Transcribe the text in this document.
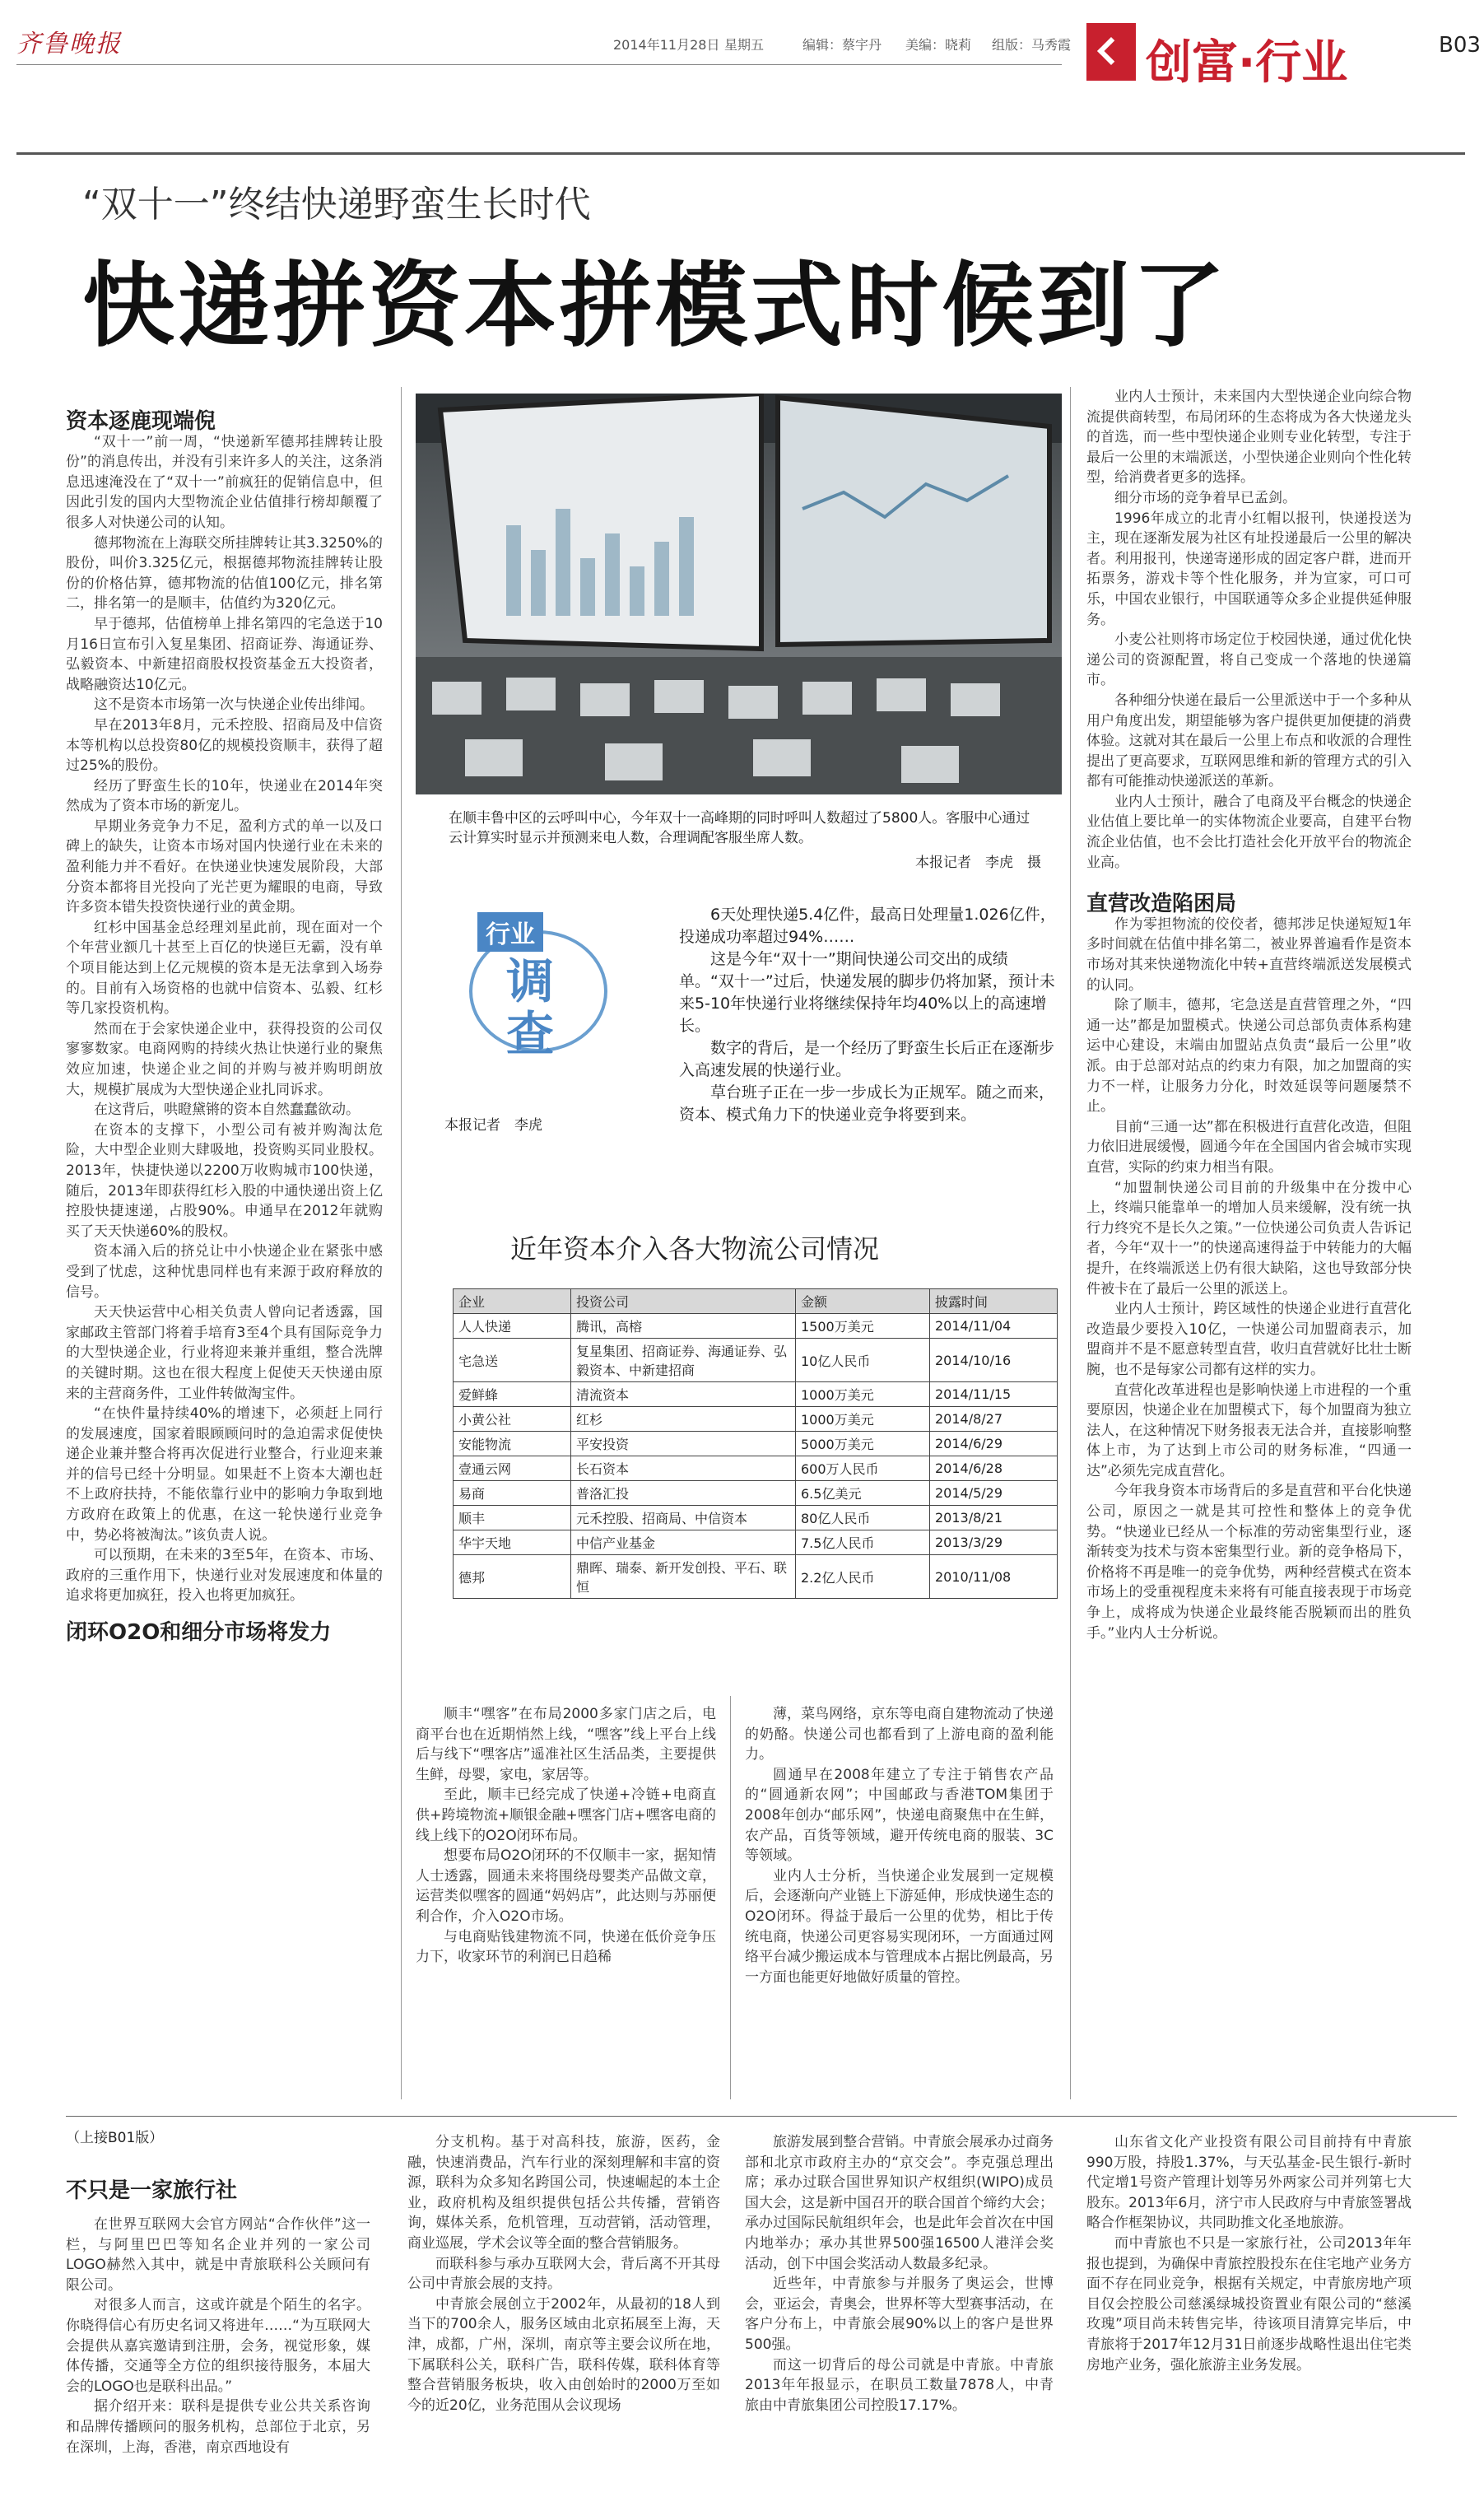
齐鲁晚报	2014年11月28日 星期五	编辑：蔡宇丹 美编：晓莉 组版：马秀霞 创富·行业	B03
“双十一”终结快递野蛮生长时代
快递拼资本拼模式时候到了

资本逐鹿现端倪

“双十一”前一周，“快递新军德邦挂牌转让股份”的消息传出，并没有引来许多人的关注，这条消息迅速淹没在了“双十一”前疯狂的促销信息中，但因此引发的国内大型物流企业估值排行榜却颠覆了很多人对快递公司的认知。

德邦物流在上海联交所挂牌转让其3.3250%的股份，叫价3.325亿元，根据德邦物流挂牌转让股份的价格估算，德邦物流的估值100亿元，排名第二，排名第一的是顺丰，估值约为320亿元。

早于德邦，估值榜单上排名第四的宅急送于10月16日宣布引入复星集团、招商证券、海通证券、弘毅资本、中新建招商股权投资基金五大投资者，战略融资达10亿元。

这不是资本市场第一次与快递企业传出绯闻。

早在2013年8月，元禾控股、招商局及中信资本等机构以总投资80亿的规模投资顺丰，获得了超过25%的股份。

经历了野蛮生长的10年，快递业在2014年突然成为了资本市场的新宠儿。

早期业务竞争力不足，盈利方式的单一以及口碑上的缺失，让资本市场对国内快递行业在未来的盈利能力并不看好。在快递业快速发展阶段，大部分资本都将目光投向了光芒更为耀眼的电商，导致许多资本错失投资快递行业的黄金期。

红杉中国基金总经理刘星此前，现在面对一个个年营业额几十甚至上百亿的快递巨无霸，没有单个项目能达到上亿元规模的资本是无法拿到入场券的。目前有入场资格的也就中信资本、弘毅、红杉等几家投资机构。

然而在于会家快递企业中，获得投资的公司仅寥寥数家。电商网购的持续火热让快递行业的聚焦效应加速，快递企业之间的并购与被并购明朗放大，规模扩展成为大型快递企业扎同诉求。

在这背后，哄瞪黛锵的资本自然蠢蠢欲动。

在资本的支撑下，小型公司有被并购淘汰危险，大中型企业则大肆吸地，投资购买同业股权。2013年，快捷快递以2200万收购城市100快递，随后，2013年即获得红杉入股的中通快递出资上亿控股快捷速递，占股90%。申通早在2012年就购买了天天快递60%的股权。

资本涌入后的挤兑让中小快递企业在紧张中感受到了忧虑，这种忧患同样也有来源于政府释放的信号。

天天快运营中心相关负责人曾向记者透露，国家邮政主管部门将着手培育3至4个具有国际竞争力的大型快递企业，行业将迎来兼并重组，整合洗牌的关键时期。这也在很大程度上促使天天快递由原来的主营商务件，工业件转做淘宝件。

“在快件量持续40%的增速下，必须赶上同行的发展速度，国家着眼顾顾问时的急迫需求促使快递企业兼并整合将再次促进行业整合，行业迎来兼并的信号已经十分明显。如果赶不上资本大潮也赶不上政府扶持，不能依靠行业中的影响力争取到地方政府在政策上的优惠，在这一轮快递行业竞争中，势必将被淘汰。”该负责人说。

可以预期，在未来的3至5年，在资本、市场、政府的三重作用下，快递行业对发展速度和体量的追求将更加疯狂，投入也将更加疯狂。

闭环O2O和细分市场将发力

在顺丰鲁中区的云呼叫中心，今年双十一高峰期的同时呼叫人数超过了5800人。客服中心通过云计算实时显示并预测来电人数，合理调配客服坐席人数。
本报记者　李虎　摄
行业
调查

6天处理快递5.4亿件，最高日处理量1.026亿件，投递成功率超过94%……

这是今年“双十一”期间快递公司交出的成绩单。“双十一”过后，快递发展的脚步仍将加紧，预计未来5-10年快递行业将继续保持年均40%以上的高速增长。

数字的背后，是一个经历了野蛮生长后正在逐渐步入高速发展的快递行业。

草台班子正在一步一步成长为正规军。随之而来，资本、模式角力下的快递业竞争将要到来。

本报记者　李虎
近年资本介入各大物流公司情况
企业	投资公司	金额	披露时间
人人快递	腾讯，高榕	1500万美元	2014/11/04
宅急送	复星集团、招商证券、海通证券、弘毅资本、中新建招商	10亿人民币	2014/10/16
爱鲜蜂	清流资本	1000万美元	2014/11/15
小黄公社	红杉	1000万美元	2014/8/27
安能物流	平安投资	5000万美元	2014/6/29
壹通云网	长石资本	600万人民币	2014/6/28
易商	普洛汇投	6.5亿美元	2014/5/29
顺丰	元禾控股、招商局、中信资本	80亿人民币	2013/8/21
华宇天地	中信产业基金	7.5亿人民币	2013/3/29
德邦	鼎晖、瑞泰、新开发创投、平石、联恒	2.2亿人民币	2010/11/08

顺丰“嘿客”在布局2000多家门店之后，电商平台也在近期悄然上线，“嘿客”线上平台上线后与线下“嘿客店”遥准社区生活品类，主要提供生鲜，母婴，家电，家居等。

至此，顺丰已经完成了快递+冷链+电商直供+跨境物流+顺银金融+嘿客门店+嘿客电商的线上线下的O2O闭环布局。

想要布局O2O闭环的不仅顺丰一家，据知情人士透露，圆通未来将围绕母婴类产品做文章，运营类似嘿客的圆通“妈妈店”，此达则与苏丽便利合作，介入O2O市场。

与电商贴钱建物流不同，快递在低价竞争压力下，收家环节的利润已日趋稀

薄，菜鸟网络，京东等电商自建物流动了快递的奶酪。快递公司也都看到了上游电商的盈利能力。

圆通早在2008年建立了专注于销售农产品的“圆通新农网”；中国邮政与香港TOM集团于2008年创办“邮乐网”，快递电商聚焦中在生鲜，农产品，百货等领域，避开传统电商的服装、3C等领域。

业内人士分析，当快递企业发展到一定规模后，会逐渐向产业链上下游延伸，形成快递生态的O2O闭环。得益于最后一公里的优势，相比于传统电商，快递公司更容易实现闭环，一方面通过网络平台减少搬运成本与管理成本占据比例最高，另一方面也能更好地做好质量的管控。

业内人士预计，未来国内大型快递企业向综合物流提供商转型，布局闭环的生态将成为各大快递龙头的首选，而一些中型快递企业则专业化转型，专注于最后一公里的末端派送，小型快递企业则向个性化转型，给消费者更多的选择。

细分市场的竞争着早已孟剑。

1996年成立的北青小红帽以报刊，快递投送为主，现在逐渐发展为社区有址投递最后一公里的解决者。利用报刊，快递寄递形成的固定客户群，进而开拓票务，游戏卡等个性化服务，并为宣家，可口可乐，中国农业银行，中国联通等众多企业提供延伸服务。

小麦公社则将市场定位于校园快递，通过优化快递公司的资源配置，将自己变成一个落地的快递篇市。

各种细分快递在最后一公里派送中于一个多种从用户角度出发，期望能够为客户提供更加便捷的消费体验。这就对其在最后一公里上布点和收派的合理性提出了更高要求，互联网思维和新的管理方式的引入都有可能推动快递派送的革新。

业内人士预计，融合了电商及平台概念的快递企业估值上要比单一的实体物流企业要高，自建平台物流企业估值，也不会比打造社会化开放平台的物流企业高。

直营改造陷困局

作为零担物流的佼佼者，德邦涉足快递短短1年多时间就在估值中排名第二，被业界普遍看作是资本市场对其来快递物流化中转+直营终端派送发展模式的认同。

除了顺丰，德邦，宅急送是直营管理之外，“四通一达”都是加盟模式。快递公司总部负责体系构建运中心建设，末端由加盟站点负责“最后一公里”收派。由于总部对站点的约束力有限，加之加盟商的实力不一样，让服务力分化，时效延误等问题屡禁不止。

目前“三通一达”都在积极进行直营化改造，但阻力依旧进展缓慢，圆通今年在全国国内省会城市实现直营，实际的约束力相当有限。

“加盟制快递公司目前的升级集中在分拨中心上，终端只能靠单一的增加人员来缓解，没有统一执行力终究不是长久之策。”一位快递公司负责人告诉记者，今年“双十一”的快递高速得益于中转能力的大幅提升，在终端派送上仍有很大缺陷，这也导致部分快件被卡在了最后一公里的派送上。

业内人士预计，跨区域性的快递企业进行直营化改造最少要投入10亿，一快递公司加盟商表示，加盟商并不是不愿意转型直营，收归直营就好比壮士断腕，也不是每家公司都有这样的实力。

直营化改革进程也是影响快递上市进程的一个重要原因，快递企业在加盟模式下，每个加盟商为独立法人，在这种情况下财务报表无法合并，直接影响整体上市，为了达到上市公司的财务标准，“四通一达”必须先完成直营化。

今年我身资本市场背后的多是直营和平台化快递公司，原因之一就是其可控性和整体上的竞争优势。“快递业已经从一个标准的劳动密集型行业，逐渐转变为技术与资本密集型行业。新的竞争格局下，价格将不再是唯一的竞争优势，两种经营模式在资本市场上的受重视程度未来将有可能直接表现于市场竞争上，成将成为快递企业最终能否脱颖而出的胜负手。”业内人士分析说。

（上接B01版）
不只是一家旅行社

在世界互联网大会官方网站“合作伙伴”这一栏，与阿里巴巴等知名企业并列的一家公司LOGO赫然入其中，就是中青旅联科公关顾问有限公司。

对很多人而言，这或许就是个陌生的名字。你晓得信心有历史名词又将进年……“为互联网大会提供从嘉宾邀请到注册，会务，视觉形象，媒体传播，交通等全方位的组织接待服务，本届大会的LOGO也是联科出品。”

据介绍开来：联科是提供专业公共关系咨询和品牌传播顾问的服务机构，总部位于北京，另在深圳，上海，香港，南京西地设有

分支机构。基于对高科技，旅游，医药，金融，快速消费品，汽车行业的深刻理解和丰富的资源，联科为众多知名跨国公司，快速崛起的本土企业，政府机构及组织提供包括公共传播，营销咨询，媒体关系，危机管理，互动营销，活动管理，商业巡展，学术会议等全面的整合营销服务。

而联科参与承办互联网大会，背后离不开其母公司中青旅会展的支持。

中青旅会展创立于2002年，从最初的18人到当下的700余人，服务区域由北京拓展至上海，天津，成都，广州，深圳，南京等主要会议所在地，下属联科公关，联科广告，联科传媒，联科体育等整合营销服务板块，收入由创始时的2000万至如今的近20亿，业务范围从会议现场

旅游发展到整合营销。中青旅会展承办过商务部和北京市政府主办的“京交会”。李克强总理出席；承办过联合国世界知识产权组织(WIPO)成员国大会，这是新中国召开的联合国首个缔约大会；承办过国际民航组织年会，也是此年会首次在中国内地举办；承办其世界500强16500人港洋会奖活动，创下中国会奖活动人数最多纪录。

近些年，中青旅参与并服务了奥运会，世博会，亚运会，青奥会，世界杯等大型赛事活动，在客户分布上，中青旅会展90%以上的客户是世界500强。

而这一切背后的母公司就是中青旅。中青旅2013年年报显示，在职员工数量7878人，中青旅由中青旅集团公司控股17.17%。

山东省文化产业投资有限公司目前持有中青旅990万股，持股1.37%，与天弘基金-民生银行-新时代定增1号资产管理计划等另外两家公司并列第七大股东。2013年6月，济宁市人民政府与中青旅签署战略合作框架协议，共同助推文化圣地旅游。

而中青旅也不只是一家旅行社，公司2013年年报也提到，为确保中青旅控股投东在住宅地产业务方面不存在同业竞争，根据有关规定，中青旅房地产项目仅会控股公司慈溪绿城投资置业有限公司的“慈溪玫瑰”项目尚未转售完毕，待该项目清算完毕后，中青旅将于2017年12月31日前逐步战略性退出住宅类房地产业务，强化旅游主业务发展。
